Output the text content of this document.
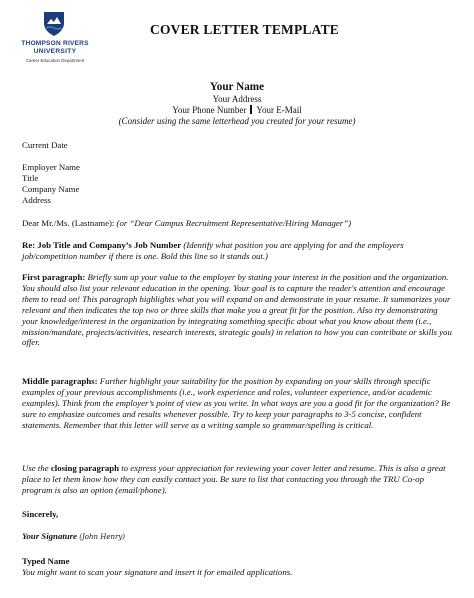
THOMPSON RIVERS
UNIVERSITY
Career Education Department
COVER LETTER TEMPLATE
Your Name
Your Address
Your Phone Number Your E-Mail
(Consider using the same letterhead you created for your resume)
Current Date
Employer Name
Title
Company Name
Address
Dear Mr./Ms. (Lastname): (or “Dear Campus Recruitment Representative/Hiring Manager”)
Re: Job Title and Company’s Job Number (Identify what position you are applying for and the employers job/competition number if there is one. Bold this line so it stands out.)
First paragraph: Briefly sum up your value to the employer by stating your interest in the position and the organization. You should also list your relevant education in the opening. Your goal is to capture the reader's attention and encourage them to read on! This paragraph highlights what you will expand on and demonstrate in your resume. It summarizes your relevant and then indicates the top two or three skills that make you a great fit for the position. Also try demonstrating your knowledge/interest in the organization by integrating something specific about what you know about them (i.e., mission/mandate, projects/activities, research interests, strategic goals) in relation to how you can contribute or skills you offer.
Middle paragraphs: Further highlight your suitability for the position by expanding on your skills through specific examples of your previous accomplishments (i.e., work experience and roles, volunteer experience, and/or academic examples). Think from the employer’s point of view as you write. In what ways are you a good fit for the organization? Be sure to emphasize outcomes and results whenever possible. Try to keep your paragraphs to 3-5 concise, confident statements. Remember that this letter will serve as a writing sample so grammar/spelling is critical.
Use the closing paragraph to express your appreciation for reviewing your cover letter and resume. This is also a great place to let them know how they can easily contact you. Be sure to list that contacting you through the TRU Co-op program is also an option (email/phone).
Sincerely,
Your Signature (John Henry)
Typed Name
You might want to scan your signature and insert it for emailed applications.
